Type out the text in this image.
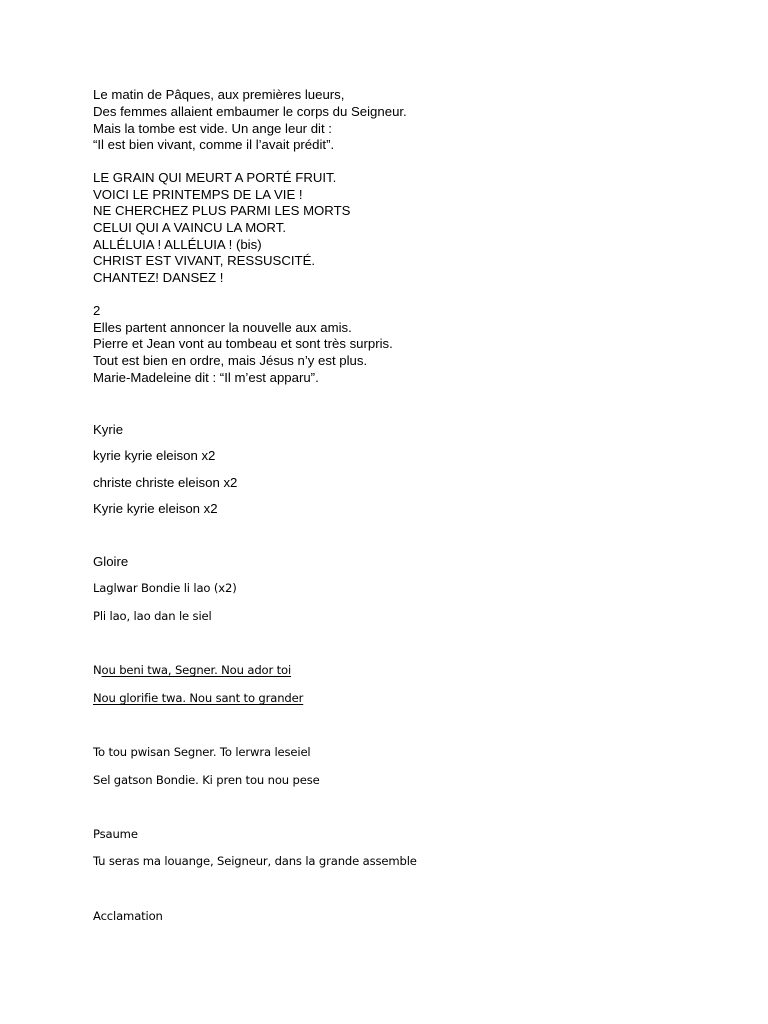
Le matin de Pâques, aux premières lueurs,
Des femmes allaient embaumer le corps du Seigneur.
Mais la tombe est vide. Un ange leur dit :
“Il est bien vivant, comme il l’avait prédit”.
LE GRAIN QUI MEURT A PORTÉ FRUIT.
VOICI LE PRINTEMPS DE LA VIE !
NE CHERCHEZ PLUS PARMI LES MORTS
CELUI QUI A VAINCU LA MORT.
ALLÉLUIA ! ALLÉLUIA ! (bis)
CHRIST EST VIVANT, RESSUSCITÉ.
CHANTEZ! DANSEZ !
2
Elles partent annoncer la nouvelle aux amis.
Pierre et Jean vont au tombeau et sont très surpris.
Tout est bien en ordre, mais Jésus n’y est plus.
Marie-Madeleine dit : “Il m’est apparu”.
Kyrie
kyrie kyrie eleison x2
christe christe eleison x2
Kyrie kyrie eleison x2
Gloire
Laglwar Bondie li lao (x2)
Pli lao, lao dan le siel
Nou beni twa, Segner. Nou ador toi
Nou glorifie twa. Nou sant to grander
To tou pwisan Segner. To lerwra leseiel
Sel gatson Bondie. Ki pren tou nou pese
Psaume
Tu seras ma louange, Seigneur, dans la grande assemble
Acclamation
